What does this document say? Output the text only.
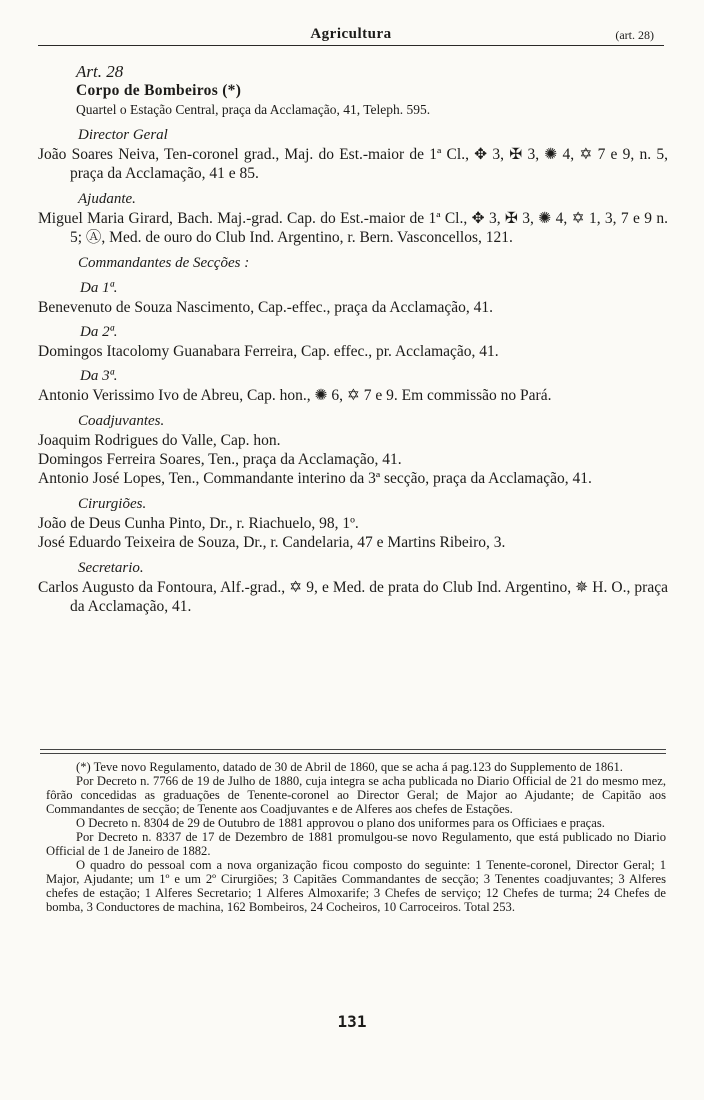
Agricultura	(art. 28)
Art. 28
Corpo de Bombeiros (*)
Quartel o Estação Central, praça da Acclamação, 41, Teleph. 595.
Director Geral
João Soares Neiva, Ten-coronel grad., Maj. do Est.-maior de 1ª Cl., ✥ 3, ✠ 3, ✺ 4, ✡ 7 e 9, n. 5, praça da Acclamação, 41 e 85.
Ajudante.
Miguel Maria Girard, Bach. Maj.-grad. Cap. do Est.-maior de 1ª Cl., ✥ 3, ✠ 3, ✺ 4, ✡ 1, 3, 7 e 9 n. 5; Ⓐ, Med. de ouro do Club Ind. Argentino, r. Bern. Vasconcellos, 121.
Commandantes de Secções :
Da 1ª.
Benevenuto de Souza Nascimento, Cap.-effec., praça da Acclamação, 41.
Da 2ª.
Domingos Itacolomy Guanabara Ferreira, Cap. effec., pr. Acclamação, 41.
Da 3ª.
Antonio Verissimo Ivo de Abreu, Cap. hon., ✺ 6, ✡ 7 e 9. Em commissão no Pará.
Coadjuvantes.
Joaquim Rodrigues do Valle, Cap. hon.
Domingos Ferreira Soares, Ten., praça da Acclamação, 41.
Antonio José Lopes, Ten., Commandante interino da 3ª secção, praça da Acclamação, 41.
Cirurgiões.
João de Deus Cunha Pinto, Dr., r. Riachuelo, 98, 1º.
José Eduardo Teixeira de Souza, Dr., r. Candelaria, 47 e Martins Ribeiro, 3.
Secretario.
Carlos Augusto da Fontoura, Alf.-grad., ✡ 9, e Med. de prata do Club Ind. Argentino, ✵ H. O., praça da Acclamação, 41.

(*) Teve novo Regulamento, datado de 30 de Abril de 1860, que se acha á pag.123 do Supplemento de 1861.

Por Decreto n. 7766 de 19 de Julho de 1880, cuja integra se acha publicada no Diario Official de 21 do mesmo mez, fôrão concedidas as graduações de Tenente-coronel ao Director Geral; de Major ao Ajudante; de Capitão aos Commandantes de secção; de Tenente aos Coadjuvantes e de Alferes aos chefes de Estações.

O Decreto n. 8304 de 29 de Outubro de 1881 approvou o plano dos uniformes para os Officiaes e praças.

Por Decreto n. 8337 de 17 de Dezembro de 1881 promulgou-se novo Regulamento, que está publicado no Diario Official de 1 de Janeiro de 1882.

O quadro do pessoal com a nova organização ficou composto do seguinte: 1 Tenente-coronel, Director Geral; 1 Major, Ajudante; um 1º e um 2º Cirurgiões; 3 Capitães Commandantes de secção; 3 Tenentes coadjuvantes; 3 Alferes chefes de estação; 1 Alferes Secretario; 1 Alferes Almoxarife; 3 Chefes de serviço; 12 Chefes de turma; 24 Chefes de bomba, 3 Conductores de machina, 162 Bombeiros, 24 Cocheiros, 10 Carroceiros. Total 253.

131
